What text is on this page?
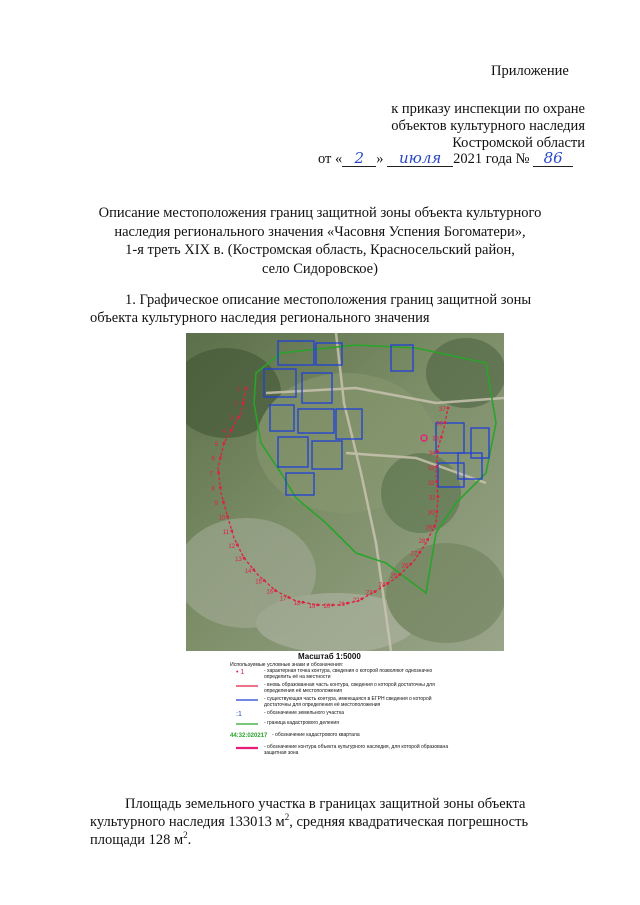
Приложение
к приказу инспекции по охране
объектов культурного наследия
Костромской области
от « 2 » июля 2021 года № 86
Описание местоположения границ защитной зоны объекта культурного
наследия регионального значения «Часовня Успения Богоматери»,
1-я треть XIX в. (Костромская область, Красносельский район,
село Сидоровское)
1. Графическое описание местоположения границ защитной зоны
объекта культурного наследия регионального значения
1
2
3
4
5
6
7
8
9
10
11
12
13
14
15
16
17
18 19 20 21
22
23
24
25
26
27
28
29
30
31
32
33
34
35
36
37
Масштаб 1:5000
Используемые условные знаки и обозначения:
• 1	- характерная точка контура, сведения о которой позволяют однозначно определить её на местности
- вновь образованная часть контура, сведения о которой достаточны для определения её местоположения
- существующая часть контура, имеющаяся в ЕГРН сведения о которой достаточны для определения её местоположения
:1	- обозначение земельного участка
- граница кадастрового деления
44:32:020217 - обозначение кадастрового квартала
- обозначение контура объекта культурного наследия, для которой образована защитная зона
Площадь земельного участка в границах защитной зоны объекта
культурного наследия 133013 $м^2$, средняя квадратическая погрешность
площади 128 $м^2$.
